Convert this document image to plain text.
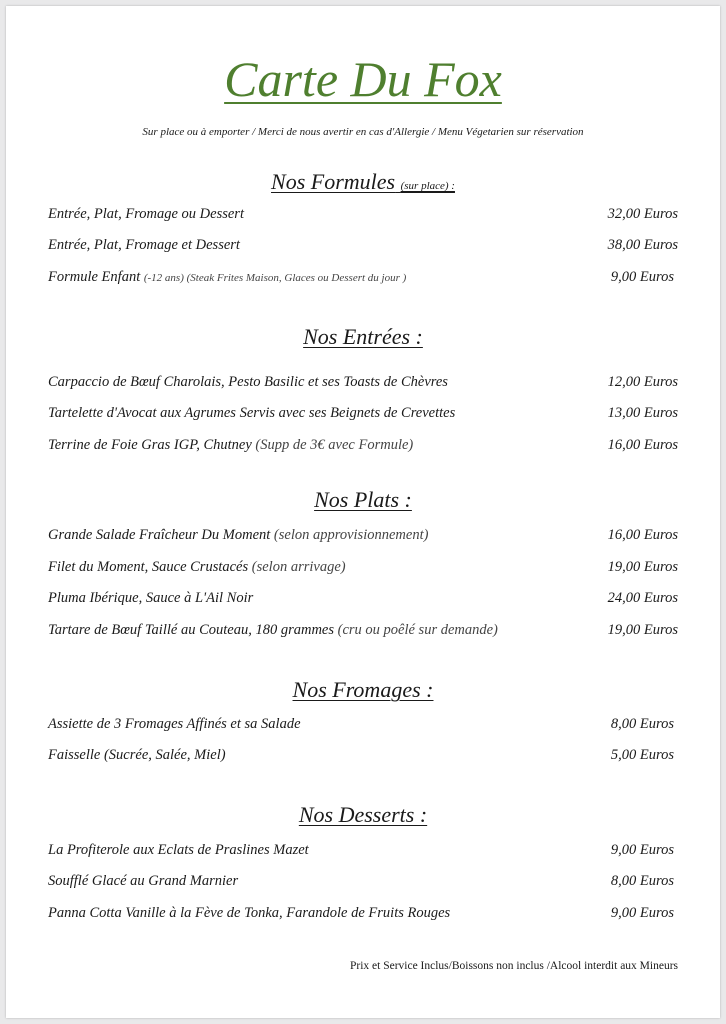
Carte Du Fox
Sur place ou à emporter / Merci de nous avertir en cas d'Allergie / Menu Végetarien sur réservation
Nos Formules (sur place) :
Entrée, Plat, Fromage ou Dessert	32,00 Euros
Entrée, Plat, Fromage et Dessert	38,00 Euros
Formule Enfant (-12 ans) (Steak Frites Maison, Glaces ou Dessert du jour )	9,00 Euros
Nos Entrées :
Carpaccio de Bœuf Charolais, Pesto Basilic et ses Toasts de Chèvres	12,00 Euros
Tartelette d'Avocat aux Agrumes Servis avec ses Beignets de Crevettes	13,00 Euros
Terrine de Foie Gras IGP, Chutney (Supp de 3€ avec Formule)	16,00 Euros
Nos Plats :
Grande Salade Fraîcheur Du Moment (selon approvisionnement)	16,00 Euros
Filet du Moment, Sauce Crustacés (selon arrivage)	19,00 Euros
Pluma Ibérique, Sauce à L'Ail Noir	24,00 Euros
Tartare de Bœuf Taillé au Couteau, 180 grammes (cru ou poêlé sur demande)	19,00 Euros
Nos Fromages :
Assiette de 3 Fromages Affinés et sa Salade	8,00 Euros
Faisselle (Sucrée, Salée, Miel)	5,00 Euros
Nos Desserts :
La Profiterole aux Eclats de Praslines Mazet	9,00 Euros
Soufflé Glacé au Grand Marnier	8,00 Euros
Panna Cotta Vanille à la Fève de Tonka, Farandole de Fruits Rouges	9,00 Euros
Prix et Service Inclus/Boissons non inclus /Alcool interdit aux Mineurs
